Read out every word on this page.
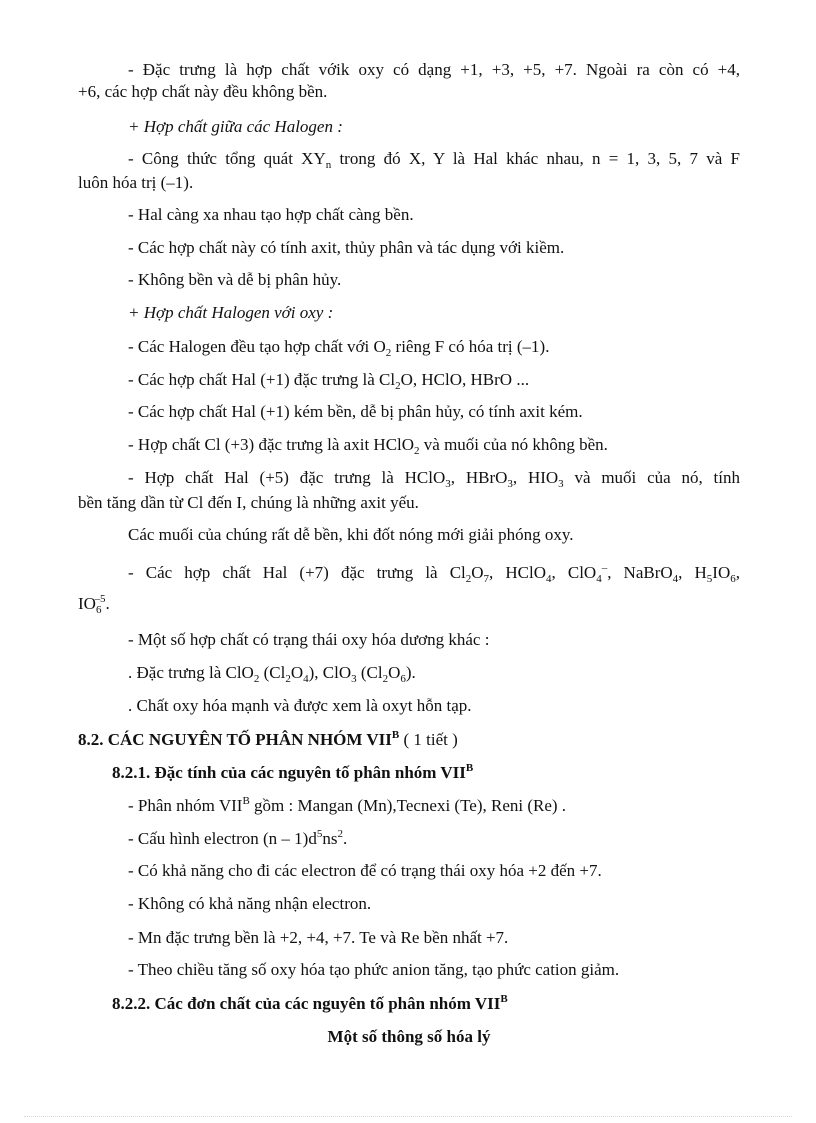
- Đặc trưng là hợp chất vớik oxy có dạng +1, +3, +5, +7. Ngoài ra còn có +4,
+6, các hợp chất này đều không bền.
+ Hợp chất giữa các Halogen :
- Công thức tổng quát $XY_n$ trong đó X, Y là Hal khác nhau, n = 1, 3, 5, 7 và F
luôn hóa trị (–1).
- Hal càng xa nhau tạo hợp chất càng bền.
- Các hợp chất này có tính axit, thủy phân và tác dụng với kiềm.
- Không bền và dễ bị phân hủy.
+ Hợp chất Halogen với oxy :
- Các Halogen đều tạo hợp chất với $O_2$ riêng F có hóa trị (–1).
- Các hợp chất Hal (+1) đặc trưng là $Cl_2O$, HClO, HBrO ...
- Các hợp chất Hal (+1) kém bền, dễ bị phân hủy, có tính axit kém.
- Hợp chất Cl (+3) đặc trưng là axit HClO$_2$ và muối của nó không bền.
- Hợp chất Hal (+5) đặc trưng là HClO$_3$, HBrO$_3$, $HIO_3$ và muối của nó, tính
bền tăng dần từ Cl đến I, chúng là những axit yếu.
Các muối của chúng rất dễ bền, khi đốt nóng mới giải phóng oxy.
- Các hợp chất Hal (+7) đặc trưng là $Cl_2O_7$, HClO$_4$, ClO$_4$–, NaBrO$_4$, $H_5IO_6$,
$IO_6^{-5}$.
- Một số hợp chất có trạng thái oxy hóa dương khác :
. Đặc trưng là ClO$_2$ $(Cl_2O_4)$, ClO$_3$ $(Cl_2O_6)$.
. Chất oxy hóa mạnh và được xem là oxyt hỗn tạp.
8.2. CÁC NGUYÊN TỐ PHÂN NHÓM $VII^B$ ( 1 tiết )
8.2.1. Đặc tính của các nguyên tố phân nhóm $VII^B$
- Phân nhóm $VII^B$ gồm : Mangan (Mn),Tecnexi (Te), Reni (Re) .
- Cấu hình electron $(n - 1)d^5ns^2$.
- Có khả năng cho đi các electron để có trạng thái oxy hóa +2 đến +7.
- Không có khả năng nhận electron.
- Mn đặc trưng bền là +2, +4, +7. Te và Re bền nhất +7.
- Theo chiều tăng số oxy hóa tạo phức anion tăng, tạo phức cation giảm.
8.2.2. Các đơn chất của các nguyên tố phân nhóm $VII^B$
Một số thông số hóa lý
